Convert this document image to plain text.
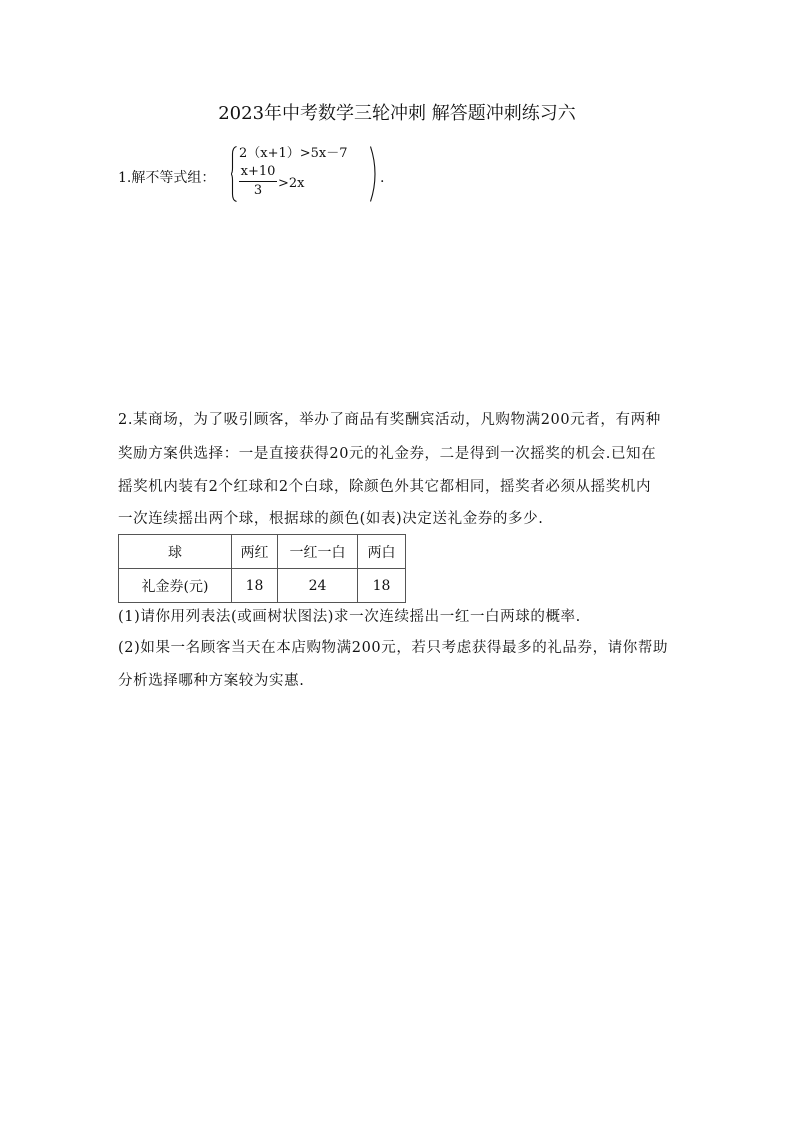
2023年中考数学三轮冲刺 解答题冲刺练习六
1.解不等式组：
2（x+1）>5x－7
x+10
3	>2x	.
2.某商场，为了吸引顾客，举办了商品有奖酬宾活动，凡购物满200元者，有两种
奖励方案供选择：一是直接获得20元的礼金券，二是得到一次摇奖的机会.已知在
摇奖机内装有2个红球和2个白球，除颜色外其它都相同，摇奖者必须从摇奖机内
一次连续摇出两个球，根据球的颜色(如表)决定送礼金券的多少.
球	两红	一红一白	两白
礼金券(元)	18	24	18
(1)请你用列表法(或画树状图法)求一次连续摇出一红一白两球的概率.
(2)如果一名顾客当天在本店购物满200元，若只考虑获得最多的礼品券，请你帮助
分析选择哪种方案较为实惠.
